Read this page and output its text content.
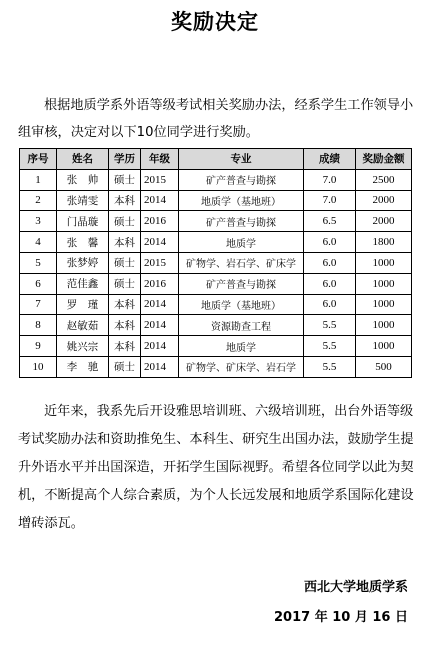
奖励决定
根据地质学系外语等级考试相关奖励办法，经系学生工作领导小组审核，决定对以下10位同学进行奖励。
序号	姓名	学历	年级	专业	成绩	奖励金额
1	张　帅	硕士	2015	矿产普查与勘探	7.0	2500
2	张靖雯	本科	2014	地质学（基地班）	7.0	2000
3	门晶璇	硕士	2016	矿产普查与勘探	6.5	2000
4	张　馨	本科	2014	地质学	6.0	1800
5	张梦婷	硕士	2015	矿物学、岩石学、矿床学	6.0	1000
6	范佳鑫	硕士	2016	矿产普查与勘探	6.0	1000
7	罗　瑾	本科	2014	地质学（基地班）	6.0	1000
8	赵敏茹	本科	2014	资源勘查工程	5.5	1000
9	姚兴宗	本科	2014	地质学	5.5	1000
10	李　驰	硕士	2014	矿物学、矿床学、岩石学	5.5	500
近年来，我系先后开设雅思培训班、六级培训班，出台外语等级考试奖励办法和资助推免生、本科生、研究生出国办法，鼓励学生提升外语水平并出国深造，开拓学生国际视野。希望各位同学以此为契机，不断提高个人综合素质，为个人长远发展和地质学系国际化建设增砖添瓦。
西北大学地质学系
2017 年 10 月 16 日
